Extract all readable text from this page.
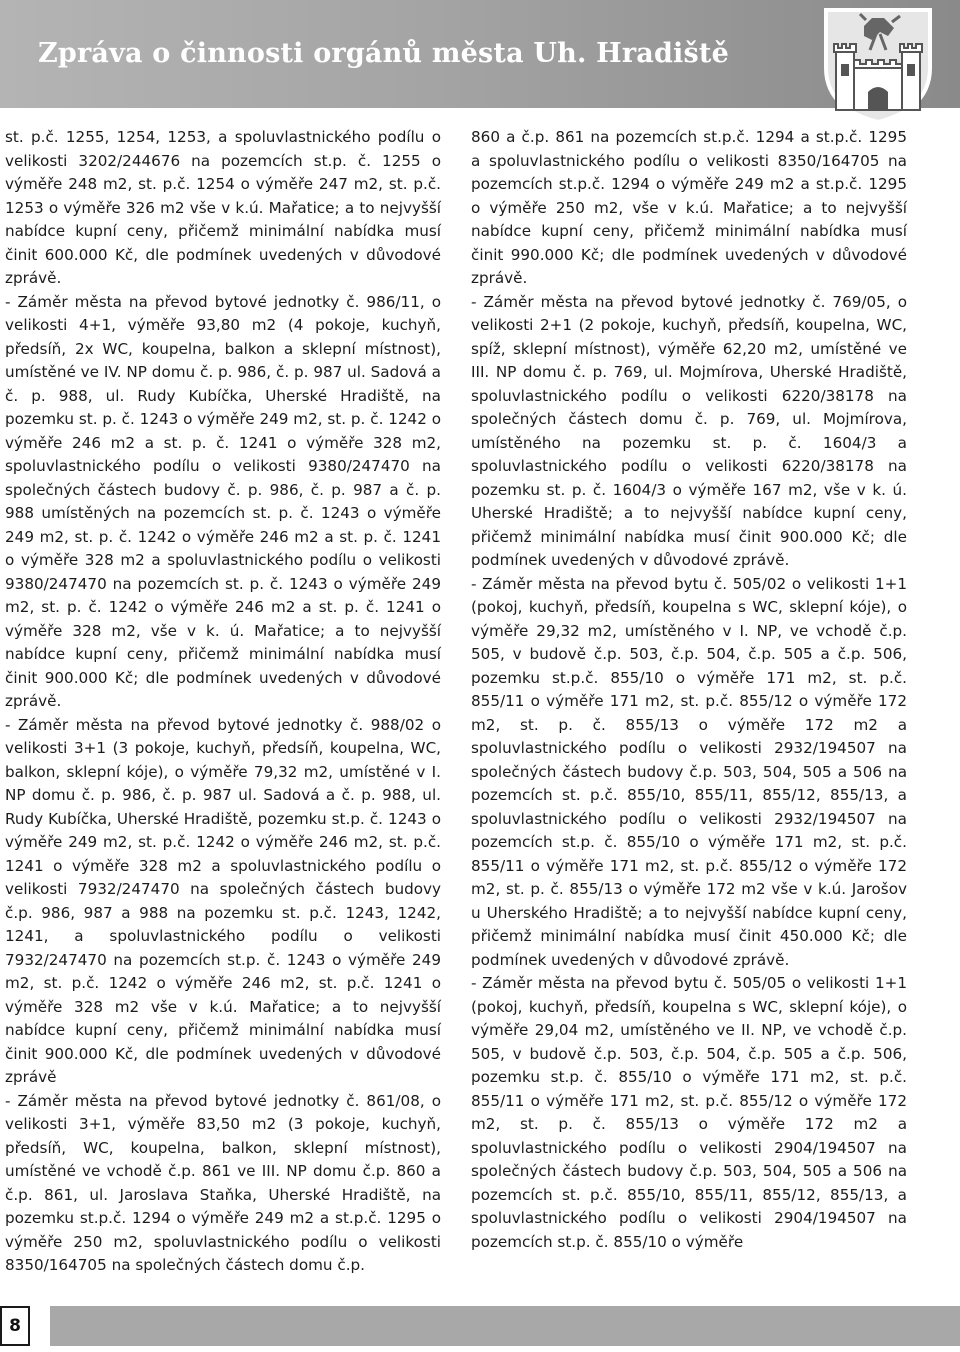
Zpráva o činnosti orgánů města Uh. Hradiště

st. p.č. 1255, 1254, 1253, a spoluvlastnického podílu o velikosti 3202/244676 na pozemcích st.p. č. 1255 o výměře 248 m2, st. p.č. 1254 o výměře 247 m2, st. p.č. 1253 o výměře 326 m2 vše v k.ú. Mařatice; a to nejvyšší nabídce kupní ceny, přičemž minimální nabídka musí činit 600.000 Kč, dle podmínek uvedených v důvodové zprávě.

- Záměr města na převod bytové jednotky č. 986/11, o velikosti 4+1, výměře 93,80 m2 (4 pokoje, kuchyň, předsíň, 2x WC, koupelna, balkon a sklepní místnost), umístěné ve IV. NP domu č. p. 986, č. p. 987 ul. Sadová a č. p. 988, ul. Rudy Kubíčka, Uherské Hradiště, na pozemku st. p. č. 1243 o výměře 249 m2, st. p. č. 1242 o výměře 246 m2 a st. p. č. 1241 o výměře 328 m2, spoluvlastnického podílu o velikosti 9380/247470 na společných částech budovy č. p. 986, č. p. 987 a č. p. 988 umístěných na pozemcích st. p. č. 1243 o výměře 249 m2, st. p. č. 1242 o výměře 246 m2 a st. p. č. 1241 o výměře 328 m2 a spoluvlastnického podílu o velikosti 9380/247470 na pozemcích st. p. č. 1243 o výměře 249 m2, st. p. č. 1242 o výměře 246 m2 a st. p. č. 1241 o výměře 328 m2, vše v k. ú. Mařatice; a to nejvyšší nabídce kupní ceny, přičemž minimální nabídka musí činit 900.000 Kč; dle podmínek uvedených v důvodové zprávě.

- Záměr města na převod bytové jednotky č. 988/02 o velikosti 3+1 (3 pokoje, kuchyň, předsíň, koupelna, WC, balkon, sklepní kóje), o výměře 79,32 m2, umístěné v I. NP domu č. p. 986, č. p. 987 ul. Sadová a č. p. 988, ul. Rudy Kubíčka, Uherské Hradiště, pozemku st.p. č. 1243 o výměře 249 m2, st. p.č. 1242 o výměře 246 m2, st. p.č. 1241 o výměře 328 m2 a spoluvlastnického podílu o velikosti 7932/247470 na společných částech budovy č.p. 986, 987 a 988 na pozemku st. p.č. 1243, 1242, 1241, a spoluvlastnického podílu o velikosti 7932/247470 na pozemcích st.p. č. 1243 o výměře 249 m2, st. p.č. 1242 o výměře 246 m2, st. p.č. 1241 o výměře 328 m2 vše v k.ú. Mařatice; a to nejvyšší nabídce kupní ceny, přičemž minimální nabídka musí činit 900.000 Kč, dle podmínek uvedených v důvodové zprávě

- Záměr města na převod bytové jednotky č. 861/08, o velikosti 3+1, výměře 83,50 m2 (3 pokoje, kuchyň, předsíň, WC, koupelna, balkon, sklepní místnost), umístěné ve vchodě č.p. 861 ve III. NP domu č.p. 860 a č.p. 861, ul. Jaroslava Staňka, Uherské Hradiště, na pozemku st.p.č. 1294 o výměře 249 m2 a st.p.č. 1295 o výměře 250 m2, spoluvlastnického podílu o velikosti 8350/164705 na společných částech domu č.p.

860 a č.p. 861 na pozemcích st.p.č. 1294 a st.p.č. 1295 a spoluvlastnického podílu o velikosti 8350/164705 na pozemcích st.p.č. 1294 o výměře 249 m2 a st.p.č. 1295 o výměře 250 m2, vše v k.ú. Mařatice; a to nejvyšší nabídce kupní ceny, přičemž minimální nabídka musí činit 990.000 Kč; dle podmínek uvedených v důvodové zprávě.

- Záměr města na převod bytové jednotky č. 769/05, o velikosti 2+1 (2 pokoje, kuchyň, předsíň, koupelna, WC, spíž, sklepní místnost), výměře 62,20 m2, umístěné ve III. NP domu č. p. 769, ul. Mojmírova, Uherské Hradiště, spoluvlastnického podílu o velikosti 6220/38178 na společných částech domu č. p. 769, ul. Mojmírova, umístěného na pozemku st. p. č. 1604/3 a spoluvlastnického podílu o velikosti 6220/38178 na pozemku st. p. č. 1604/3 o výměře 167 m2, vše v k. ú. Uherské Hradiště; a to nejvyšší nabídce kupní ceny, přičemž minimální nabídka musí činit 900.000 Kč; dle podmínek uvedených v důvodové zprávě.

- Záměr města na převod bytu č. 505/02 o velikosti 1+1 (pokoj, kuchyň, předsíň, koupelna s WC, sklepní kóje), o výměře 29,32 m2, umístěného v I. NP, ve vchodě č.p. 505, v budově č.p. 503, č.p. 504, č.p. 505 a č.p. 506, pozemku st.p.č. 855/10 o výměře 171 m2, st. p.č. 855/11 o výměře 171 m2, st. p.č. 855/12 o výměře 172 m2, st. p. č. 855/13 o výměře 172 m2 a spoluvlastnického podílu o velikosti 2932/194507 na společných částech budovy č.p. 503, 504, 505 a 506 na pozemcích st. p.č. 855/10, 855/11, 855/12, 855/13, a spoluvlastnického podílu o velikosti 2932/194507 na pozemcích st.p. č. 855/10 o výměře 171 m2, st. p.č. 855/11 o výměře 171 m2, st. p.č. 855/12 o výměře 172 m2, st. p. č. 855/13 o výměře 172 m2 vše v k.ú. Jarošov u Uherského Hradiště; a to nejvyšší nabídce kupní ceny, přičemž minimální nabídka musí činit 450.000 Kč; dle podmínek uvedených v důvodové zprávě.

- Záměr města na převod bytu č. 505/05 o velikosti 1+1 (pokoj, kuchyň, předsíň, koupelna s WC, sklepní kóje), o výměře 29,04 m2, umístěného ve II. NP, ve vchodě č.p. 505, v budově č.p. 503, č.p. 504, č.p. 505 a č.p. 506, pozemku st.p. č. 855/10 o výměře 171 m2, st. p.č. 855/11 o výměře 171 m2, st. p.č. 855/12 o výměře 172 m2, st. p. č. 855/13 o výměře 172 m2 a spoluvlastnického podílu o velikosti 2904/194507 na společných částech budovy č.p. 503, 504, 505 a 506 na pozemcích st. p.č. 855/10, 855/11, 855/12, 855/13, a spoluvlastnického podílu o velikosti 2904/194507 na pozemcích st.p. č. 855/10 o výměře

8
